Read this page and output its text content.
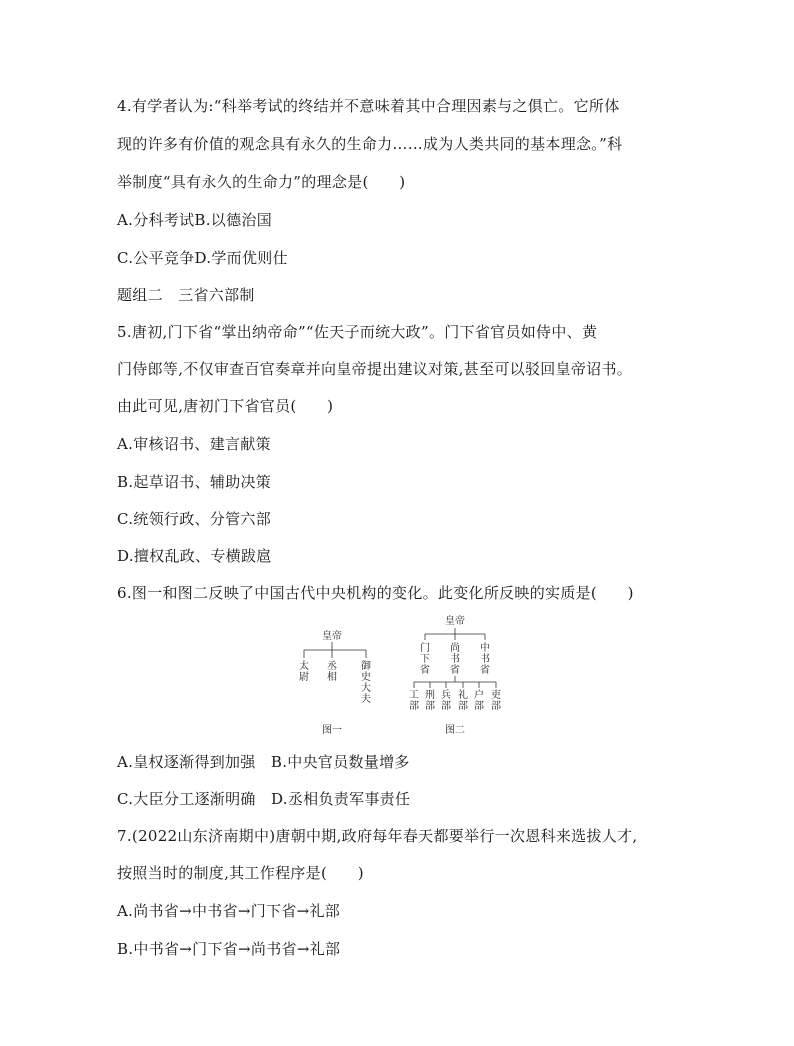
4.有学者认为:“科举考试的终结并不意味着其中合理因素与之俱亡。它所体
现的许多有价值的观念具有永久的生命力……成为人类共同的基本理念。”科
举制度“具有永久的生命力”的理念是(　　)
A.分科考试B.以德治国
C.公平竞争D.学而优则仕
题组二　三省六部制
5.唐初,门下省“掌出纳帝命”“佐天子而统大政”。门下省官员如侍中、黄
门侍郎等,不仅审查百官奏章并向皇帝提出建议对策,甚至可以驳回皇帝诏书。
由此可见,唐初门下省官员(　　)
A.审核诏书、建言献策
B.起草诏书、辅助决策
C.统领行政、分管六部
D.擅权乱政、专横跋扈
6.图一和图二反映了中国古代中央机构的变化。此变化所反映的实质是(　　)
皇帝
太尉
丞相
御史大夫
图一
皇帝
门下省
尚书省
中书省
工部
刑部
兵部
礼部
户部
吏部
图二
A.皇权逐渐得到加强　B.中央官员数量增多
C.大臣分工逐渐明确　D.丞相负责军事责任
7.(2022山东济南期中)唐朝中期,政府每年春天都要举行一次恩科来选拔人才,
按照当时的制度,其工作程序是(　　)
A.尚书省→中书省→门下省→礼部
B.中书省→门下省→尚书省→礼部
